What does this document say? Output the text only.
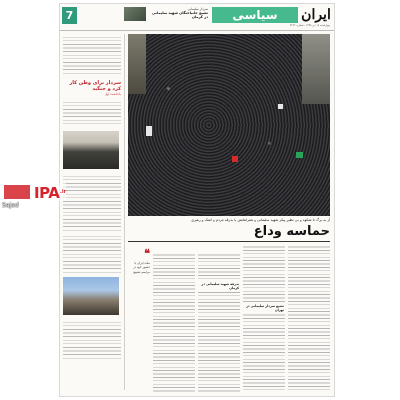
7	سردار سلیمانی
تشیع جانباختگان شهید سلیمانی در کرمان	سیاسی	ایران
چهارشنبه ۱۸ دی ۱۳۹۸ - شماره ۷۲۶۶
سردار برای وطن کار کرد و جنگید
یادداشت اول
آز به برگ تا شکوه و بی نظیر پیکر شهید سلیمانی و همراهانش با بدرقه مردم و اشک و رهبری
حماسه وداع
تشیع سردار سلیمانی در تهران
بدرقه شهید سلیمانی در کرمان
❝
ملت ایران با حضور خود در مراسم تشییع
IPA .ir
Sajad
